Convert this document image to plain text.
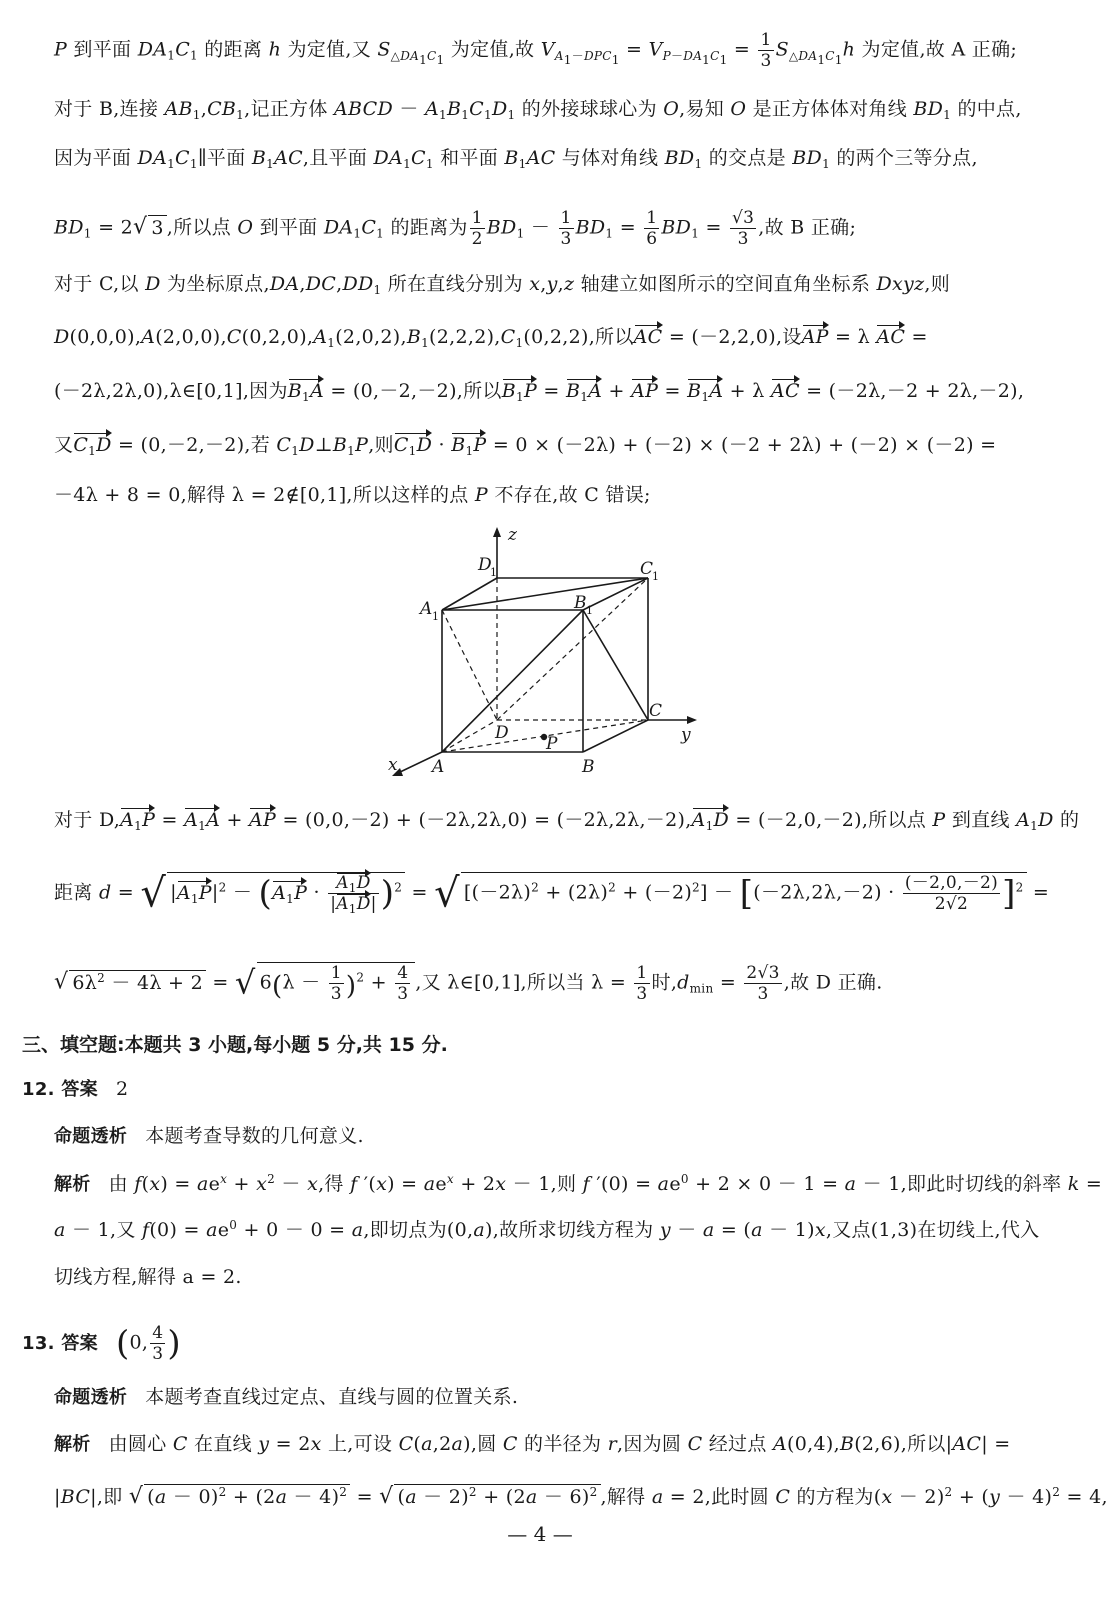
P 到平面 $DA_1C_1$ 的距离 h 为定值,又 $S_{\triangle DA_1C_1}$ 为定值,故 $V_{A_1-DPC_1} = V_{P-DA_1C_1} = \frac{1}{3} S_{\triangle DA_1C_1}h$ 为定值,故 A 正确;
对于 B,连接 $AB_1,CB_1$,记正方体 ABCD － $A_1B_1C_1D_1$ 的外接球球心为 O,易知 O 是正方体体对角线 $BD_1$ 的中点,
因为平面 $DA_1C_1\parallel$平面 $B_1AC$,且平面 $DA_1C_1$ 和平面 $B_1AC$ 与体对角线 $BD_1$ 的交点是 $BD_1$ 的两个三等分点,
$BD_1 = 2√$ 3 ,所以点 O 到平面 $DA_1C_1$ 的距离为 $\frac{1}{2} BD_1 - \frac{1}{3} BD_1 = \frac{1}{6} BD_1 = \frac{√3}{3}$ ,故 B 正确;
对于 C,以 D 为坐标原点$,DA,DC,DD_1$ 所在直线分别为 x,y,z 轴建立如图所示的空间直角坐标系 Dxyz,则
$D(0,0,0),A(2,0,0),C(0,2,0),A_1(2,0,2),B_1(2,2,2),C_1(0,2,2)$,所以AC = (－2,2,0),设AP = λ AC =
(－2λ,2λ,0),λ∈[0,1],因为$B_1A = (0,-2,-2)$,所以$B_1P = B_1A$ + AP = $B_1A + \lambda$ AC = (－2λ,－2 + 2λ,－2),
又$C_1D = (0,-2,-2)$,若 $C_1D\perp B_1P$,则$C_1D \cdot B_1P = 0 \times (-2\lambda) + (-2) \times (-2 + 2\lambda) + (-2) \times (-2)$ =
－4λ + 8 = 0,解得 λ = 2∉[0,1],所以这样的点 P 不存在,故 C 错误;
z
y
x
D
1	C
1
A 1
B 1
D
C
A	B
P
对于 $D,A_1P = A_1A$ + AP = $(0,0,-2) + (-2\lambda,2\lambda,0) = (-2\lambda,2\lambda,-2),A_1D = (-2,0,-2)$,所以点 P 到直线 $A_1D$ 的
距离 d = √ $|A_1P|^2 - (A_1P \cdot \frac{A_1D}{|A_1D|} )^2$ = √ $[(-2\lambda)^2 + (2\lambda)^2 + (-2)^2] - [(-2\lambda,2\lambda,-2) \cdot \frac{(-2,0,-2)}{2√2} ]^2$ =
√ $6\lambda^2 - 4\lambda + 2$ = √ $6(\lambda - \frac{1}{3} )^2 + \frac{4}{3}$ ,又 λ∈[0,1],所以当 $\lambda = \frac{1}{3}$ 时$,d_{min} = \frac{2√3}{3}$ ,故 D 正确.
三、填空题:本题共 3 小题,每小题 5 分,共 15 分.
12. 答案 2
命题透析 本题考查导数的几何意义.
解析 由 $f(x) = ae^x + x^2 - x$,得 f $'(x) = ae^x + 2x - 1$,则 f $'(0) = ae^0 + 2 \times 0 - 1 = a - 1$,即此时切线的斜率 k =
a － 1,又 $f(0) = ae^0 + 0 - 0 = a$,即切点为(0,a),故所求切线方程为 y － a = (a － 1)x,又点(1,3)在切线上,代入
切线方程,解得 a = 2.
13. 答案 (0, $\frac{4}{3}$ )
命题透析 本题考查直线过定点、直线与圆的位置关系.
解析 由圆心 C 在直线 y = 2x 上,可设 C(a,2a),圆 C 的半径为 r,因为圆 C 经过点 A(0,4),B(2,6),所以|AC| =
|BC|,即 √ $(a - 0)^2 + (2a - 4)^2$ = √ $(a - 2)^2 + (2a - 6)^2$ ,解得 a = 2,此时圆 C 的方程为$(x - 2)^2 + (y - 4)^2 = 4$,
— 4 —
